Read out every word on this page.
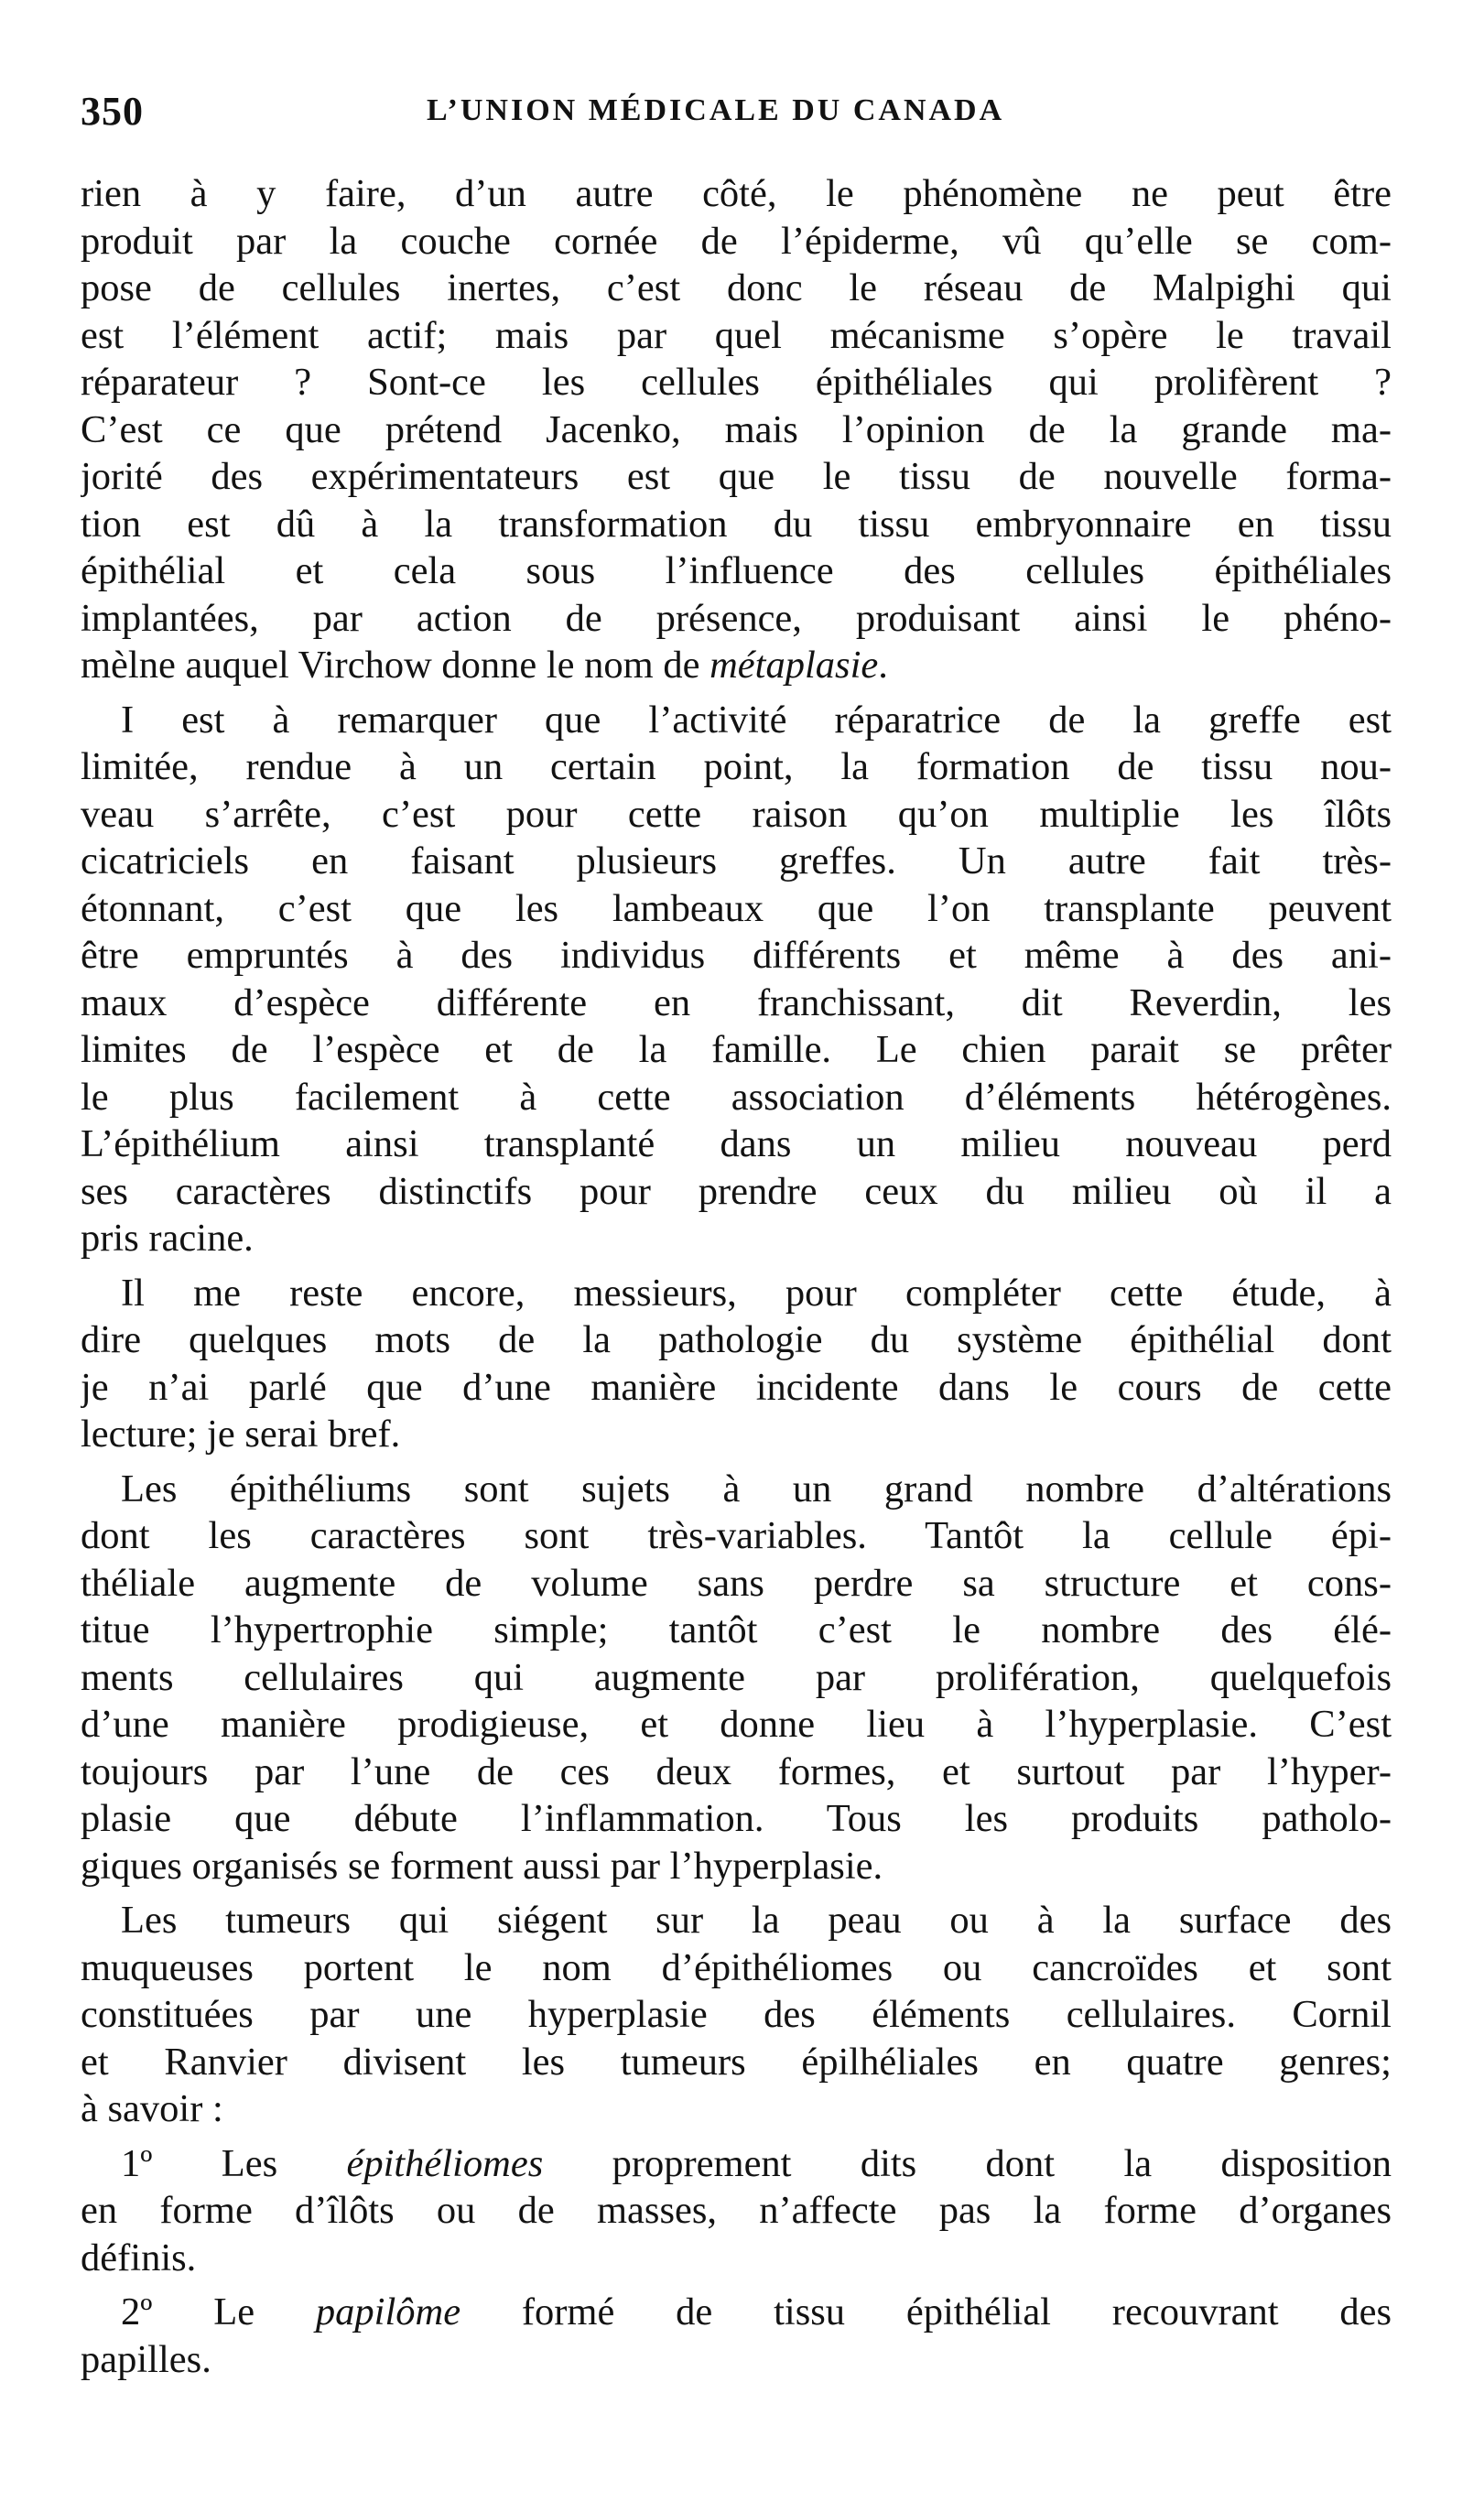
350	L’UNION MÉDICALE DU CANADA
rien à y faire, d’un autre côté, le phénomène ne peut être
produit par la couche cornée de l’épiderme, vû qu’elle se com-
pose de cellules inertes, c’est donc le réseau de Malpighi qui
est l’élément actif; mais par quel mécanisme s’opère le travail
réparateur ? Sont-ce les cellules épithéliales qui prolifèrent ?
C’est ce que prétend Jacenko, mais l’opinion de la grande ma-
jorité des expérimentateurs est que le tissu de nouvelle forma-
tion est dû à la transformation du tissu embryonnaire en tissu
épithélial et cela sous l’influence des cellules épithéliales
implantées, par action de présence, produisant ainsi le phéno-
mèlne auquel Virchow donne le nom de métaplasie.
I est à remarquer que l’activité réparatrice de la greffe est
limitée, rendue à un certain point, la formation de tissu nou-
veau s’arrête, c’est pour cette raison qu’on multiplie les îlôts
cicatriciels en faisant plusieurs greffes. Un autre fait très-
étonnant, c’est que les lambeaux que l’on transplante peuvent
être empruntés à des individus différents et même à des ani-
maux d’espèce différente en franchissant, dit Reverdin, les
limites de l’espèce et de la famille. Le chien parait se prêter
le plus facilement à cette association d’éléments hétérogènes.
L’épithélium ainsi transplanté dans un milieu nouveau perd
ses caractères distinctifs pour prendre ceux du milieu où il a
pris racine.
Il me reste encore, messieurs, pour compléter cette étude, à
dire quelques mots de la pathologie du système épithélial dont
je n’ai parlé que d’une manière incidente dans le cours de cette
lecture; je serai bref.
Les épithéliums sont sujets à un grand nombre d’altérations
dont les caractères sont très-variables. Tantôt la cellule épi-
théliale augmente de volume sans perdre sa structure et cons-
titue l’hypertrophie simple; tantôt c’est le nombre des élé-
ments cellulaires qui augmente par prolifération, quelquefois
d’une manière prodigieuse, et donne lieu à l’hyperplasie. C’est
toujours par l’une de ces deux formes, et surtout par l’hyper-
plasie que débute l’inflammation. Tous les produits patholo-
giques organisés se forment aussi par l’hyperplasie.
Les tumeurs qui siégent sur la peau ou à la surface des
muqueuses portent le nom d’épithéliomes ou cancroïdes et sont
constituées par une hyperplasie des éléments cellulaires. Cornil
et Ranvier divisent les tumeurs épilhéliales en quatre genres;
à savoir :
1º Les épithéliomes proprement dits dont la disposition
en forme d’îlôts ou de masses, n’affecte pas la forme d’organes
définis.
2º Le papilôme formé de tissu épithélial recouvrant des
papilles.
